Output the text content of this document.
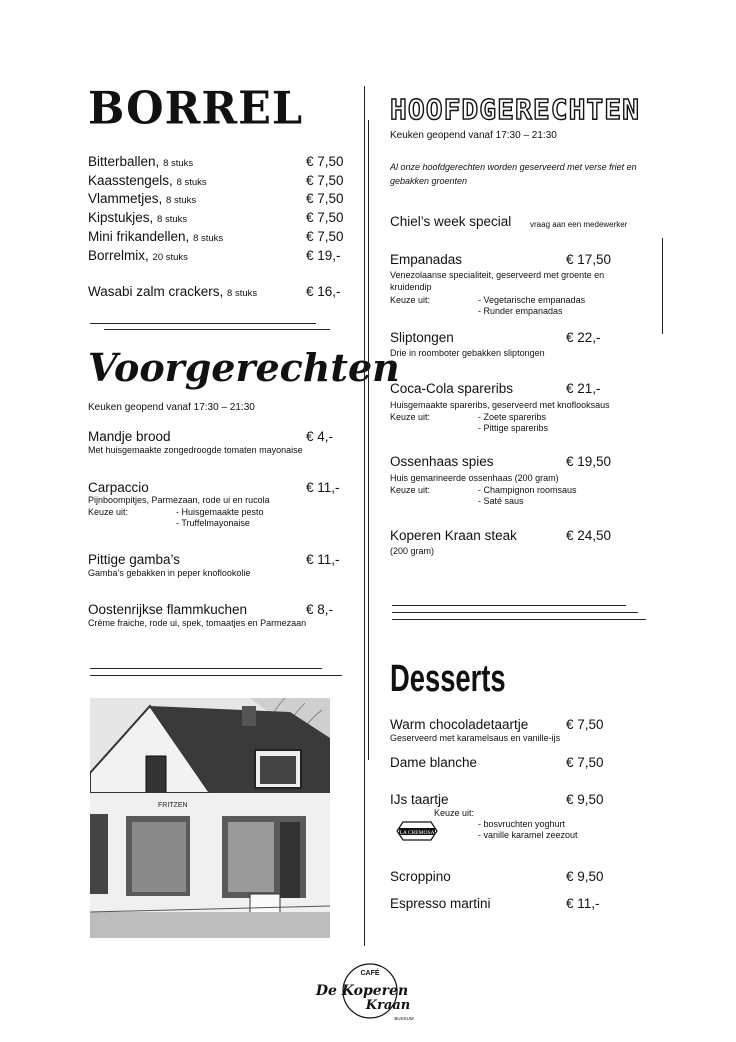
BORREL
Bitterballen, 8 stuks	€ 7,50
Kaasstengels, 8 stuks	€ 7,50
Vlammetjes, 8 stuks	€ 7,50
Kipstukjes, 8 stuks	€ 7,50
Mini frikandellen, 8 stuks	€ 7,50
Borrelmix, 20 stuks	€ 19,-
Wasabi zalm crackers, 8 stuks	€ 16,-
Voorgerechten
Keuken geopend vanaf 17:30 – 21:30
Mandje brood	€ 4,-
Met huisgemaakte zongedroogde tomaten mayonaise
Carpaccio	€ 11,-
Pijnboompitjes, Parmezaan, rode ui en rucola
Keuze uit:	- Huisgemaakte pesto
- Truffelmayonaise
Pittige gamba’s	€ 11,-
Gamba’s gebakken in peper knoflookolie
Oostenrijkse flammkuchen	€ 8,-
Crème fraiche, rode ui, spek, tomaatjes en Parmezaan
FRITZEN
HOOFDGERECHTEN
Keuken geopend vanaf 17:30 – 21:30
Al onze hoofdgerechten worden geserveerd met verse friet en gebakken groenten
Chiel’s week special vraag aan een medewerker
Empanadas	€ 17,50
Venezolaanse specialiteit, geserveerd met groente en kruidendip
Keuze uit:	- Vegetarische empanadas
- Runder empanadas
Sliptongen	€ 22,-
Drie in roomboter gebakken sliptongen
Coca-Cola spareribs	€ 21,-
Huisgemaakte spareribs, geserveerd met knoflooksaus
Keuze uit:	- Zoete spareribs
- Pittige spareribs
Ossenhaas spies	€ 19,50
Huis gemarineerde ossenhaas (200 gram)
Keuze uit:	- Champignon roomsaus
- Saté saus
Koperen Kraan steak	€ 24,50
(200 gram)
Desserts
Warm chocoladetaartje	€ 7,50
Geserveerd met karamelsaus en vanille-ijs
Dame blanche	€ 7,50
IJs taartje	€ 9,50
Keuze uit:
- bosvruchten yoghurt
- vanille karamel zeezout
LA CREMOSA
Scroppino	€ 9,50
Espresso martini	€ 11,-
CAFÉ
De Koperen
Kraan
BUSSUM
